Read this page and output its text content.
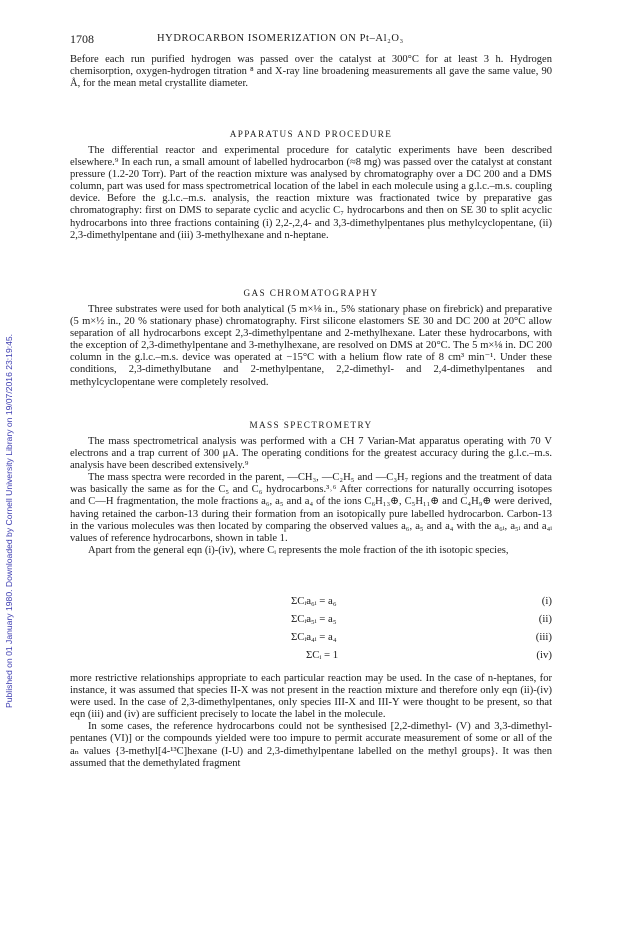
Published on 01 January 1980. Downloaded by Cornell University Library on 19/07/2016 23:19:45.
1708	HYDROCARBON ISOMERIZATION ON Pt–Al₂O₃

Before each run purified hydrogen was passed over the catalyst at 300°C for at least 3 h. Hydrogen chemisorption, oxygen-hydrogen titration ⁸ and X-ray line broadening measurements all gave the same value, 90 Å, for the mean metal crystallite diameter.

APPARATUS AND PROCEDURE

The differential reactor and experimental procedure for catalytic experiments have been described elsewhere.⁹ In each run, a small amount of labelled hydrocarbon (≈8 mg) was passed over the catalyst at constant pressure (1.2-20 Torr). Part of the reaction mixture was analysed by chromatography over a DC 200 and a DMS column, part was used for mass spectrometrical location of the label in each molecule using a g.l.c.–m.s. coupling device. Before the g.l.c.–m.s. analysis, the reaction mixture was fractionated twice by preparative gas chromatography: first on DMS to separate cyclic and acyclic C₇ hydrocarbons and then on SE 30 to split acyclic hydrocarbons into three fractions containing (i) 2,2-,2,4- and 3,3-dimethylpentanes plus methylcyclopentane, (ii) 2,3-dimethylpentane and (iii) 3-methylhexane and n-heptane.

GAS CHROMATOGRAPHY

Three substrates were used for both analytical (5 m×⅛ in., 5% stationary phase on firebrick) and preparative (5 m×½ in., 20 % stationary phase) chromatography. First silicone elastomers SE 30 and DC 200 at 20°C allow separation of all hydrocarbons except 2,3-dimethylpentane and 2-methylhexane. Later these hydrocarbons, with the exception of 2,3-dimethylpentane and 3-methylhexane, are resolved on DMS at 20°C. The 5 m×⅛ in. DC 200 column in the g.l.c.–m.s. device was operated at −15°C with a helium flow rate of 8 cm³ min⁻¹. Under these conditions, 2,3-dimethylbutane and 2-methylpentane, 2,2-dimethyl- and 2,4-dimethylpentanes and methylcyclopentane were completely resolved.

MASS SPECTROMETRY

The mass spectrometrical analysis was performed with a CH 7 Varian-Mat apparatus operating with 70 V electrons and a trap current of 300 μA. The operating conditions for the greatest accuracy during the g.l.c.–m.s. analysis have been described extensively.⁹

The mass spectra were recorded in the parent, —CH₃, —C₂H₅ and —C₃H₇ regions and the treatment of data was basically the same as for the C₅ and C₆ hydrocarbons.³˒⁶ After corrections for naturally occurring isotopes and C—H fragmentation, the mole fractions a₆, a₅ and a₄ of the ions C₆H₁₃⊕, C₅H₁₁⊕ and C₄H₉⊕ were derived, having retained the carbon-13 during their formation from an isotopically pure labelled hydrocarbon. Carbon-13 in the various molecules was then located by comparing the observed values a₆, a₅ and a₄ with the a₆ᵢ, a₅ᵢ and a₄ᵢ values of reference hydrocarbons, shown in table 1.

Apart from the general eqn (i)-(iv), where Cᵢ represents the mole fraction of the ith isotopic species,

ΣCᵢa₆ᵢ = a₆	(i)
ΣCᵢa₅ᵢ = a₅	(ii)
ΣCᵢa₄ᵢ = a₄	(iii)
ΣCᵢ = 1	(iv)

more restrictive relationships appropriate to each particular reaction may be used. In the case of n-heptanes, for instance, it was assumed that species II-X was not present in the reaction mixture and therefore only eqn (ii)-(iv) were used. In the case of 2,3-dimethylpentanes, only species III-X and III-Y were thought to be present, so that eqn (iii) and (iv) are sufficient precisely to locate the label in the molecule.

In some cases, the reference hydrocarbons could not be synthesised [2,2-dimethyl- (V) and 3,3-dimethyl-pentanes (VI)] or the compounds yielded were too impure to permit accurate measurement of some or all of the aₙ values {3-methyl[4-¹³C]hexane (I-U) and 2,3-dimethylpentane labelled on the methyl groups}. It was then assumed that the demethylated fragment
